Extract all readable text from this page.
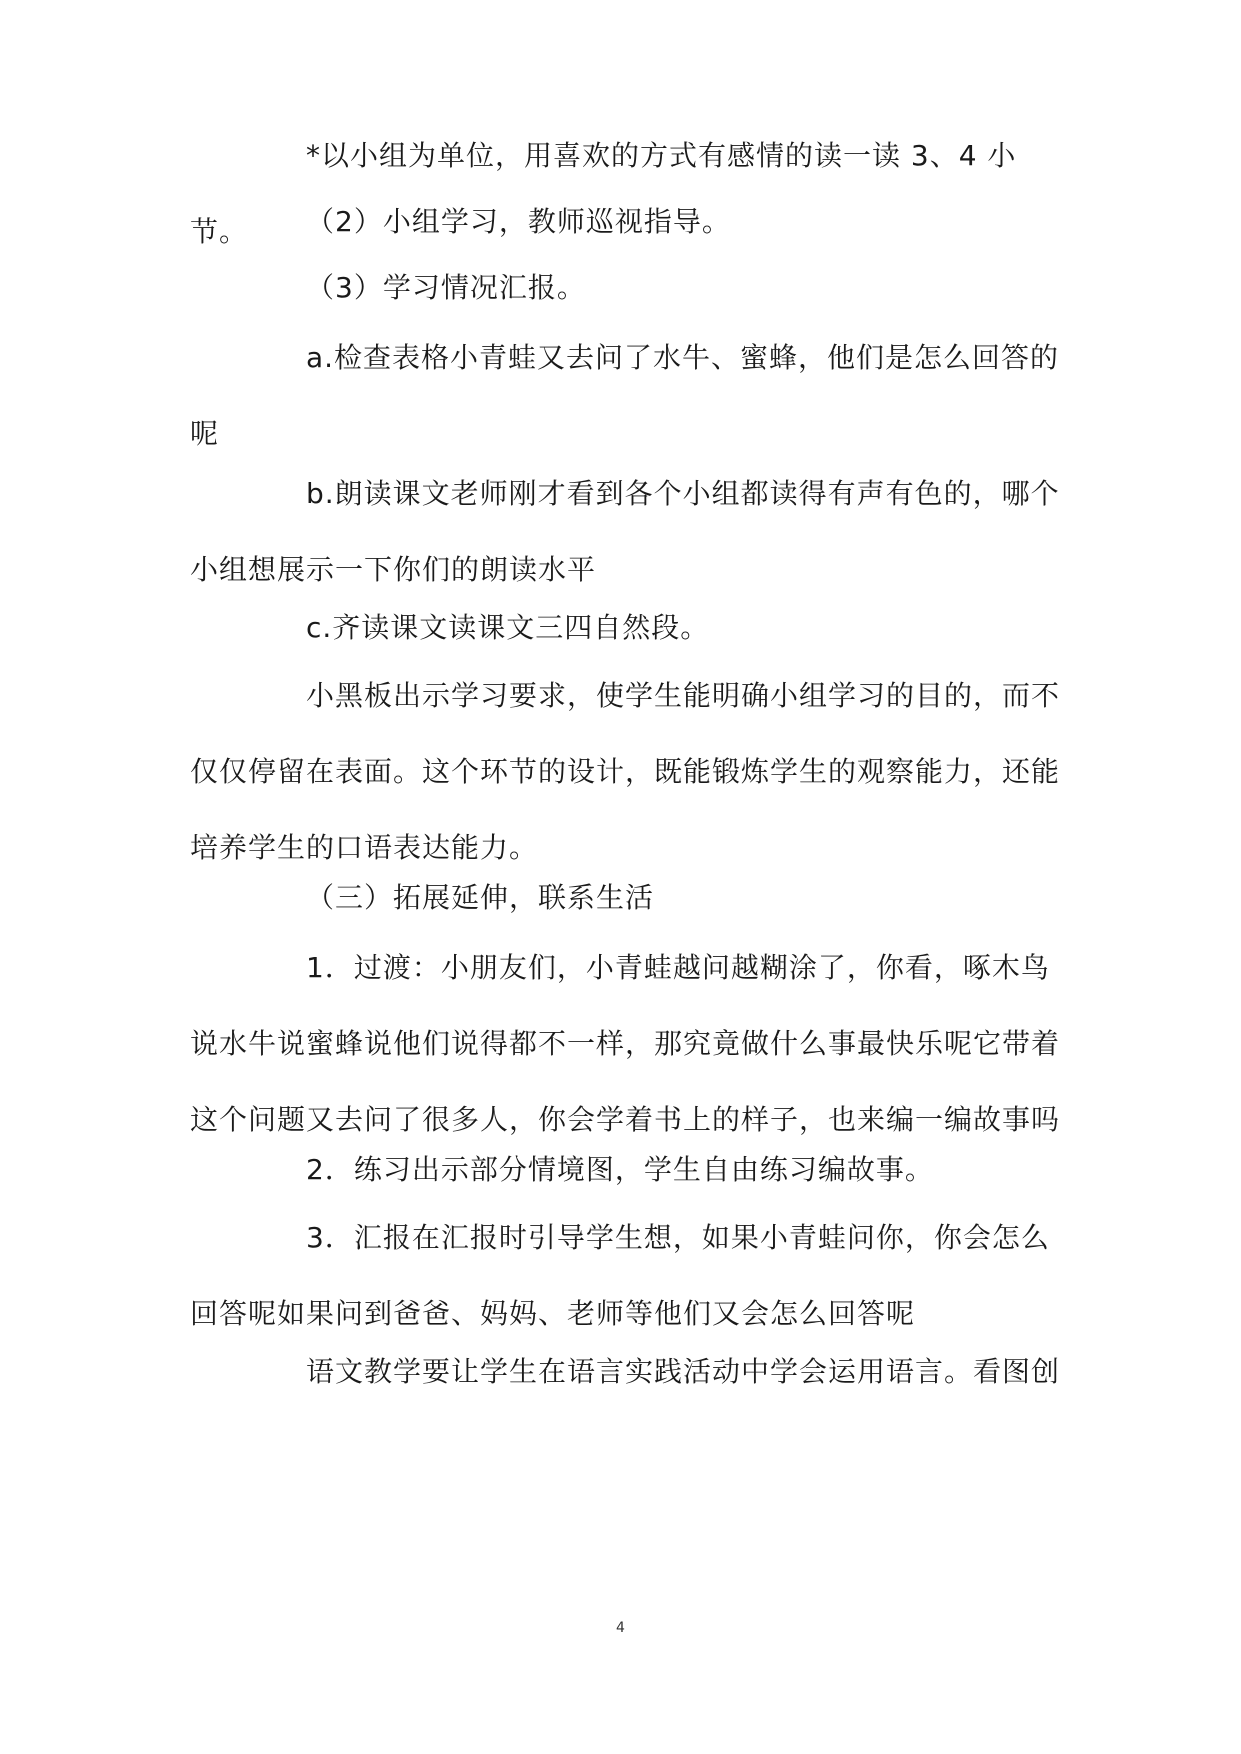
*以小组为单位，用喜欢的方式有感情的读一读 3、4 小节。	（2）小组学习，教师巡视指导。

（3）学习情况汇报。

a.检查表格小青蛙又去问了水牛、蜜蜂，他们是怎么回答的呢

b.朗读课文老师刚才看到各个小组都读得有声有色的，哪个小组想展示一下你们的朗读水平

c.齐读课文读课文三四自然段。

小黑板出示学习要求，使学生能明确小组学习的目的，而不仅仅停留在表面。这个环节的设计，既能锻炼学生的观察能力，还能培养学生的口语表达能力。

（三）拓展延伸，联系生活

1．过渡：小朋友们，小青蛙越问越糊涂了，你看，啄木鸟说水牛说蜜蜂说他们说得都不一样，那究竟做什么事最快乐呢它带着这个问题又去问了很多人，你会学着书上的样子，也来编一编故事吗

2．练习出示部分情境图，学生自由练习编故事。

3．汇报在汇报时引导学生想，如果小青蛙问你，你会怎么回答呢如果问到爸爸、妈妈、老师等他们又会怎么回答呢

语文教学要让学生在语言实践活动中学会运用语言。看图创

4
